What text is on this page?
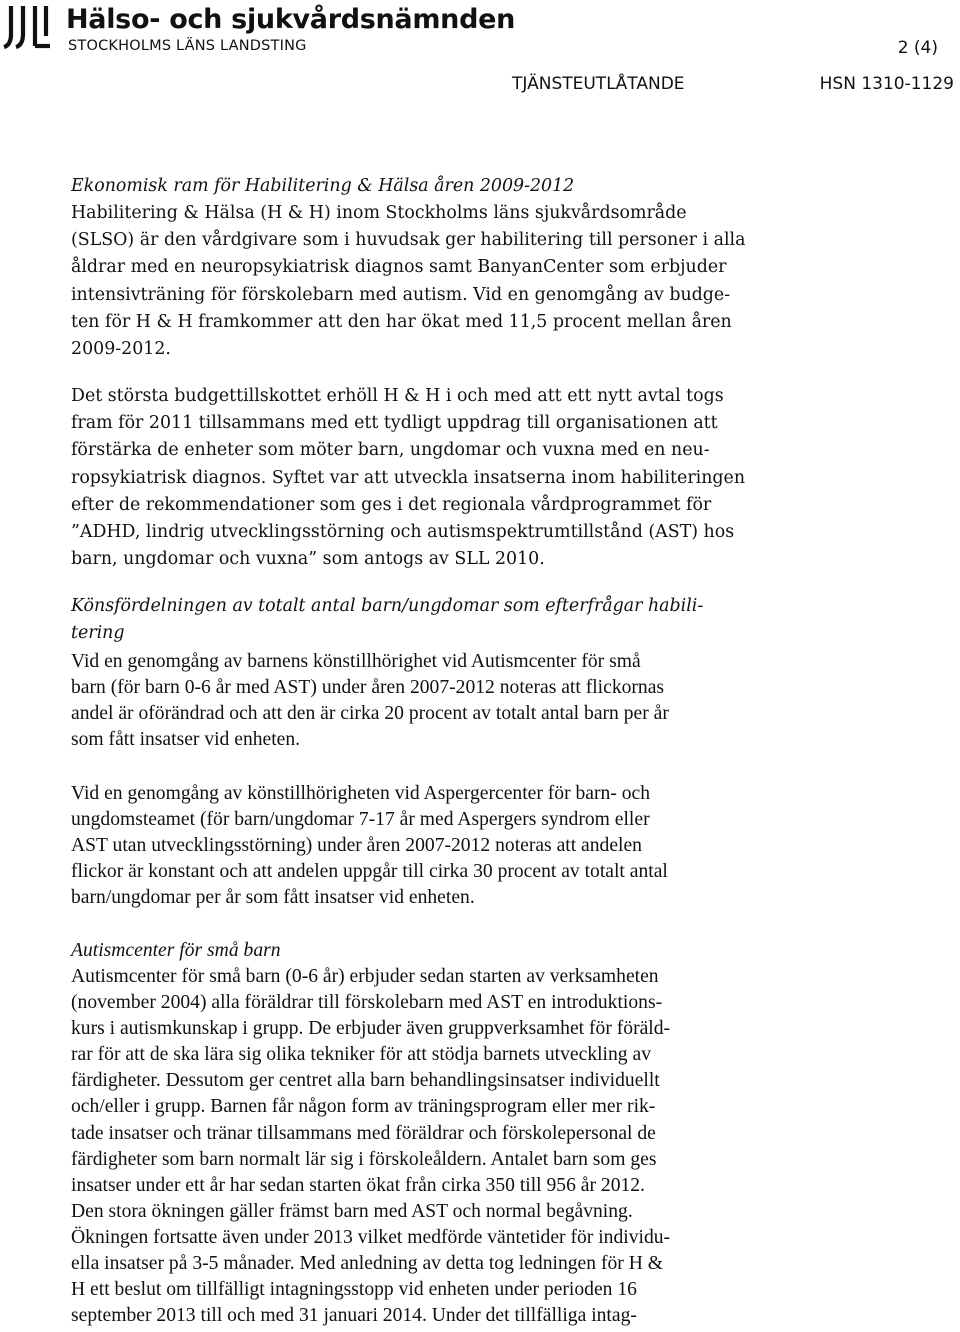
Hälso- och sjukvårdsnämnden
STOCKHOLMS LÄNS LANDSTING	2 (4)
TJÄNSTEUTLÅTANDE	HSN 1310-1129
Ekonomisk ram för Habilitering & Hälsa åren 2009-2012
Habilitering & Hälsa (H & H) inom Stockholms läns sjukvårdsområde
(SLSO) är den vårdgivare som i huvudsak ger habilitering till personer i alla
åldrar med en neuropsykiatrisk diagnos samt BanyanCenter som erbjuder
intensivträning för förskolebarn med autism. Vid en genomgång av budge-
ten för H & H framkommer att den har ökat med 11,5 procent mellan åren
2009-2012.
Det största budgettillskottet erhöll H & H i och med att ett nytt avtal togs
fram för 2011 tillsammans med ett tydligt uppdrag till organisationen att
förstärka de enheter som möter barn, ungdomar och vuxna med en neu-
ropsykiatrisk diagnos. Syftet var att utveckla insatserna inom habiliteringen
efter de rekommendationer som ges i det regionala vårdprogrammet för
”ADHD, lindrig utvecklingsstörning och autismspektrumtillstånd (AST) hos
barn, ungdomar och vuxna” som antogs av SLL 2010.
Könsfördelningen av totalt antal barn/ungdomar som efterfrågar habili-
tering
Vid en genomgång av barnens könstillhörighet vid Autismcenter för små
barn (för barn 0-6 år med AST) under åren 2007-2012 noteras att flickornas
andel är oförändrad och att den är cirka 20 procent av totalt antal barn per år
som fått insatser vid enheten.
Vid en genomgång av könstillhörigheten vid Aspergercenter för barn- och
ungdomsteamet (för barn/ungdomar 7-17 år med Aspergers syndrom eller
AST utan utvecklingsstörning) under åren 2007-2012 noteras att andelen
flickor är konstant och att andelen uppgår till cirka 30 procent av totalt antal
barn/ungdomar per år som fått insatser vid enheten.
Autismcenter för små barn
Autismcenter för små barn (0-6 år) erbjuder sedan starten av verksamheten
(november 2004) alla föräldrar till förskolebarn med AST en introduktions-
kurs i autismkunskap i grupp. De erbjuder även gruppverksamhet för föräld-
rar för att de ska lära sig olika tekniker för att stödja barnets utveckling av
färdigheter. Dessutom ger centret alla barn behandlingsinsatser individuellt
och/eller i grupp. Barnen får någon form av träningsprogram eller mer rik-
tade insatser och tränar tillsammans med föräldrar och förskolepersonal de
färdigheter som barn normalt lär sig i förskoleåldern. Antalet barn som ges
insatser under ett år har sedan starten ökat från cirka 350 till 956 år 2012.
Den stora ökningen gäller främst barn med AST och normal begåvning.
Ökningen fortsatte även under 2013 vilket medförde väntetider för individu-
ella insatser på 3-5 månader. Med anledning av detta tog ledningen för H &
H ett beslut om tillfälligt intagningsstopp vid enheten under perioden 16
september 2013 till och med 31 januari 2014. Under det tillfälliga intag-
